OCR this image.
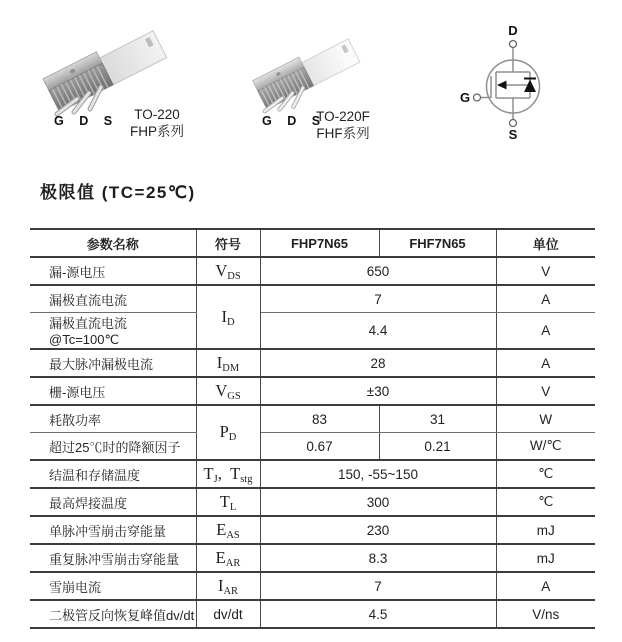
G D S	G D S
TO-220
FHP系列
TO-220F
FHF系列
D
G
S
极限值 (TC=25℃)
参数名称	符号	FHP7N65	FHF7N65	单位
漏-源电压	$V_{DS}$	650		V
漏极直流电流	$I_D$	7		A
漏极直流电流@Tc=100℃		4.4		A
最大脉冲漏极电流	$I_{DM}$	28		A
栅-源电压	$V_{GS}$	±30		V
耗散功率	$P_D$	83	31	W
超过25℃时的降额因子		0.67	0.21	W/℃
结温和存储温度	$T_J$,  $T_{stg}$	150, -55~150		℃
最高焊接温度	$T_L$	300		℃
单脉冲雪崩击穿能量	$E_{AS}$	230		mJ
重复脉冲雪崩击穿能量	$E_{AR}$	8.3		mJ
雪崩电流	$I_{AR}$	7		A
二极管反向恢复峰值dv/dt	dv/dt	4.5		V/ns
